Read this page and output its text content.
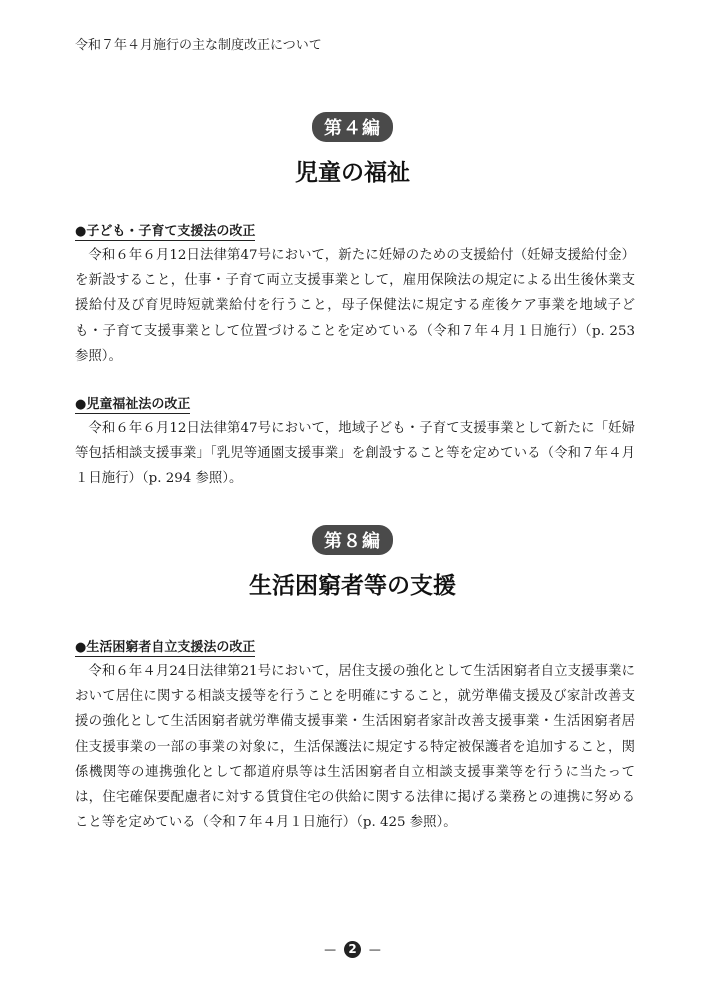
令和７年４月施行の主な制度改正について
第４編
児童の福祉
●子ども・子育て支援法の改正

令和６年６月12日法律第47号において，新たに妊婦のための支援給付（妊婦支援給付金）を新設すること，仕事・子育て両立支援事業として，雇用保険法の規定による出生後休業支援給付及び育児時短就業給付を行うこと，母子保健法に規定する産後ケア事業を地域子ども・子育て支援事業として位置づけることを定めている（令和７年４月１日施行）（p. 253 参照）。

●児童福祉法の改正

令和６年６月12日法律第47号において，地域子ども・子育て支援事業として新たに「妊婦等包括相談支援事業」「乳児等通園支援事業」を創設すること等を定めている（令和７年４月１日施行）（p. 294 参照）。

第８編
生活困窮者等の支援
●生活困窮者自立支援法の改正

令和６年４月24日法律第21号において，居住支援の強化として生活困窮者自立支援事業において居住に関する相談支援等を行うことを明確にすること，就労準備支援及び家計改善支援の強化として生活困窮者就労準備支援事業・生活困窮者家計改善支援事業・生活困窮者居住支援事業の一部の事業の対象に，生活保護法に規定する特定被保護者を追加すること，関係機関等の連携強化として都道府県等は生活困窮者自立相談支援事業等を行うに当たっては，住宅確保要配慮者に対する賃貸住宅の供給に関する法律に掲げる業務との連携に努めること等を定めている（令和７年４月１日施行）（p. 425 参照）。

— 2 —
